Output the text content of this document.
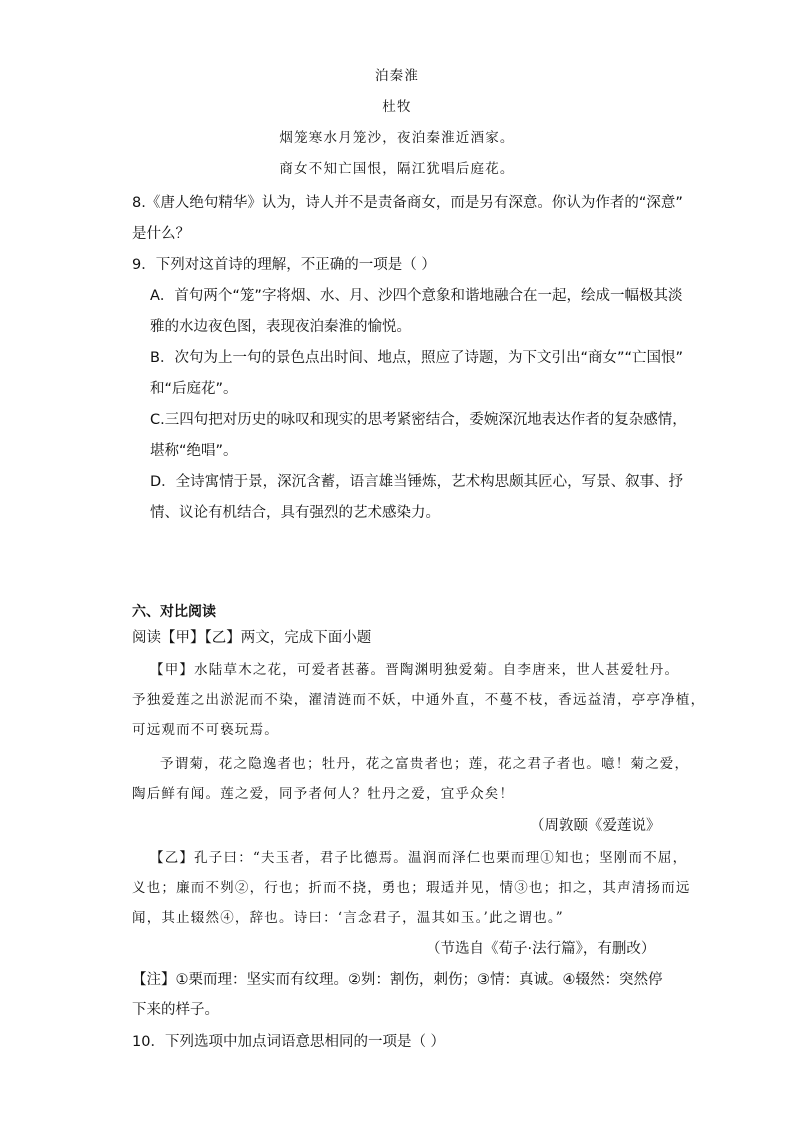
泊秦淮
杜牧
烟笼寒水月笼沙，夜泊秦淮近酒家。
商女不知亡国恨，隔江犹唱后庭花。
8.《唐人绝句精华》认为，诗人并不是责备商女，而是另有深意。你认为作者的“深意”
是什么？
9．下列对这首诗的理解，不正确的一项是（ ）
A．首句两个“笼”字将烟、水、月、沙四个意象和谐地融合在一起，绘成一幅极其淡
雅的水边夜色图，表现夜泊秦淮的愉悦。
B．次句为上一句的景色点出时间、地点，照应了诗题，为下文引出“商女”“亡国恨”
和“后庭花”。
C.三四句把对历史的咏叹和现实的思考紧密结合，委婉深沉地表达作者的复杂感情，
堪称“绝唱”。
D．全诗寓情于景，深沉含蓄，语言雄当锤炼，艺术构思颇其匠心，写景、叙事、抒
情、议论有机结合，具有强烈的艺术感染力。
六、对比阅读
阅读【甲】【乙】两文，完成下面小题
【甲】水陆草木之花，可爱者甚蕃。晋陶渊明独爱菊。自李唐来，世人甚爱牡丹。
予独爱莲之出淤泥而不染，濯清涟而不妖，中通外直，不蔓不枝，香远益清，亭亭净植，
可远观而不可亵玩焉。
予谓菊，花之隐逸者也；牡丹，花之富贵者也；莲，花之君子者也。噫！菊之爱，
陶后鲜有闻。莲之爱，同予者何人？牡丹之爱，宜乎众矣！
（周敦颐《爱莲说》
【乙】孔子曰：“夫玉者，君子比德焉。温润而泽仁也栗而理①知也；坚刚而不屈，
义也；廉而不刿②，行也；折而不挠，勇也；瑕适并见，情③也；扣之，其声清扬而远
闻，其止辍然④，辞也。诗曰：‘言念君子，温其如玉。’此之谓也。”
（节选自《荀子·法行篇》，有删改）
【注】①栗而理：坚实而有纹理。②刿：割伤，刺伤；③情：真诚。④辍然：突然停
下来的样子。
10．下列选项中加点词语意思相同的一项是（ ）
